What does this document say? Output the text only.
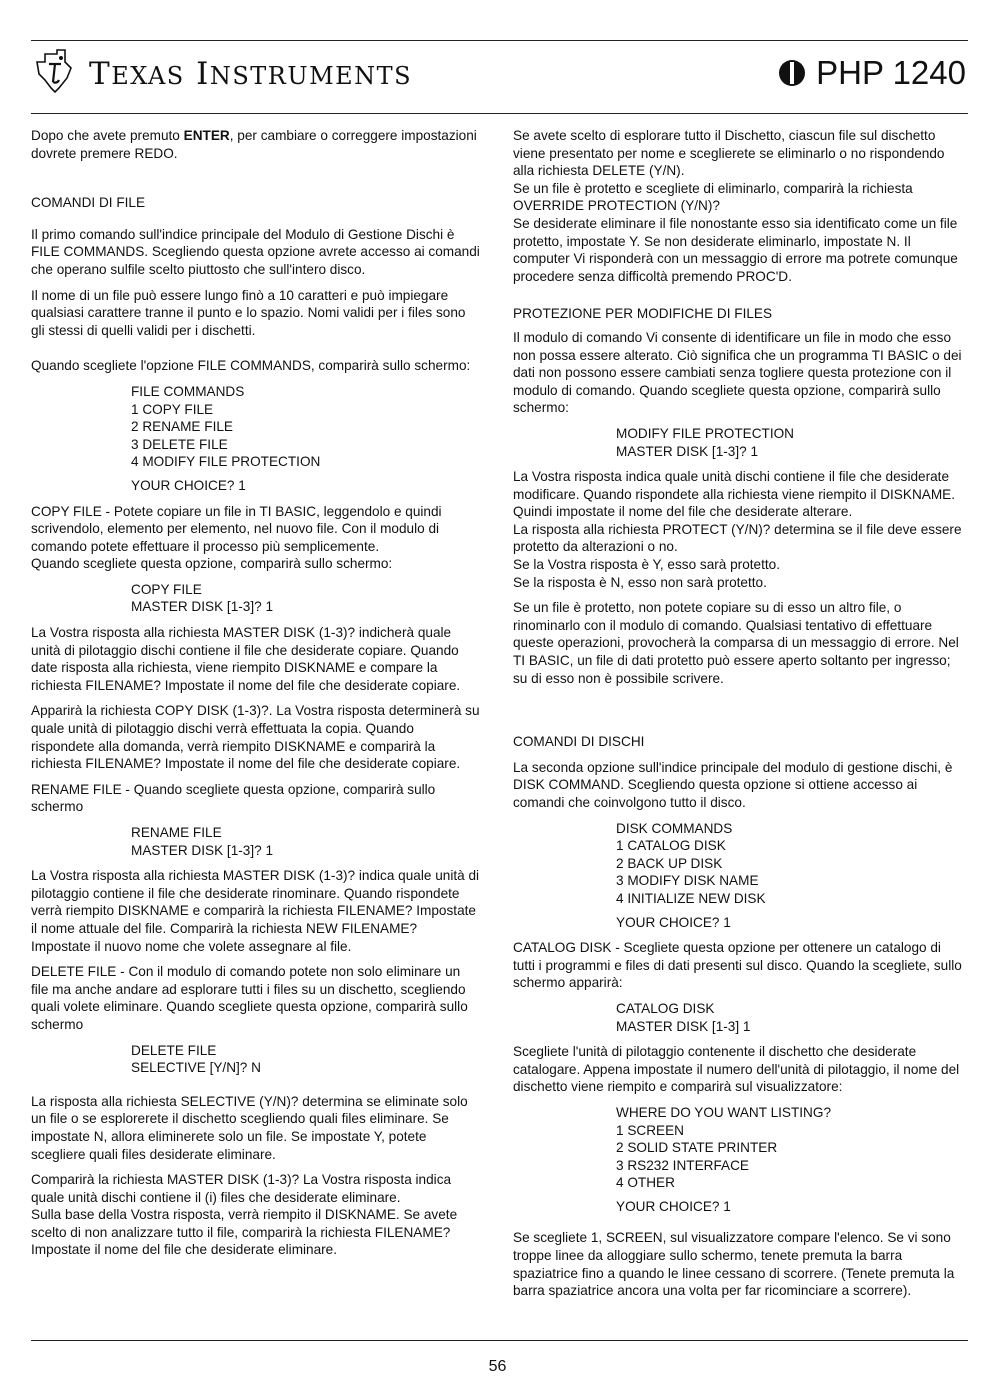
TEXAS INSTRUMENTS	PHP 1240

Dopo che avete premuto ENTER, per cambiare o correggere impostazioni dovrete premere REDO.

COMANDI DI FILE

Il primo comando sull'indice principale del Modulo di Gestione Dischi è FILE COMMANDS. Scegliendo questa opzione avrete accesso ai comandi che operano sulfile scelto piuttosto che sull'intero disco.

Il nome di un file può essere lungo finò a 10 caratteri e può impiegare qualsiasi carattere tranne il punto e lo spazio. Nomi validi per i files sono gli stessi di quelli validi per i dischetti.

Quando scegliete l'opzione FILE COMMANDS, comparirà sullo schermo:

FILE COMMANDS
1 COPY FILE
2 RENAME FILE
3 DELETE FILE
4 MODIFY FILE PROTECTION
YOUR CHOICE? 1
COPY FILE - Potete copiare un file in TI BASIC, leggendolo e quindi scrivendolo, elemento per elemento, nel nuovo file. Con il modulo di comando potete effettuare il processo più semplicemente.
Quando scegliete questa opzione, comparirà sullo schermo:
COPY FILE
MASTER DISK [1-3]? 1

La Vostra risposta alla richiesta MASTER DISK (1-3)? indicherà quale unità di pilotaggio dischi contiene il file che desiderate copiare. Quando date risposta alla richiesta, viene riempito DISKNAME e compare la richiesta FILENAME? Impostate il nome del file che desiderate copiare.

Apparirà la richiesta COPY DISK (1-3)?. La Vostra risposta determinerà su quale unità di pilotaggio dischi verrà effettuata la copia. Quando rispondete alla domanda, verrà riempito DISKNAME e comparirà la richiesta FILENAME? Impostate il nome del file che desiderate copiare.

RENAME FILE - Quando scegliete questa opzione, comparirà sullo schermo

RENAME FILE
MASTER DISK [1-3]? 1

La Vostra risposta alla richiesta MASTER DISK (1-3)? indica quale unità di pilotaggio contiene il file che desiderate rinominare. Quando rispondete verrà riempito DISKNAME e comparirà la richiesta FILENAME? Impostate il nome attuale del file. Comparirà la richiesta NEW FILENAME? Impostate il nuovo nome che volete assegnare al file.

DELETE FILE - Con il modulo di comando potete non solo eliminare un file ma anche andare ad esplorare tutti i files su un dischetto, scegliendo quali volete eliminare. Quando scegliete questa opzione, comparirà sullo schermo

DELETE FILE
SELECTIVE [Y/N]? N

La risposta alla richiesta SELECTIVE (Y/N)? determina se eliminate solo un file o se esplorerete il dischetto scegliendo quali files eliminare. Se impostate N, allora eliminerete solo un file. Se impostate Y, potete scegliere quali files desiderate eliminare.

Comparirà la richiesta MASTER DISK (1-3)? La Vostra risposta indica quale unità dischi contiene il (i) files che desiderate eliminare.
Sulla base della Vostra risposta, verrà riempito il DISKNAME. Se avete scelto di non analizzare tutto il file, comparirà la richiesta FILENAME? Impostate il nome del file che desiderate eliminare.
Se avete scelto di esplorare tutto il Dischetto, ciascun file sul dischetto viene presentato per nome e sceglierete se eliminarlo o no rispondendo alla richiesta DELETE (Y/N).
Se un file è protetto e scegliete di eliminarlo, comparirà la richiesta OVERRIDE PROTECTION (Y/N)?
Se desiderate eliminare il file nonostante esso sia identificato come un file protetto, impostate Y. Se non desiderate eliminarlo, impostate N. Il computer Vi risponderà con un messaggio di errore ma potrete comunque procedere senza difficoltà premendo PROC'D.

PROTEZIONE PER MODIFICHE DI FILES

Il modulo di comando Vi consente di identificare un file in modo che esso non possa essere alterato. Ciò significa che un programma TI BASIC o dei dati non possono essere cambiati senza togliere questa protezione con il modulo di comando. Quando scegliete questa opzione, comparirà sullo schermo:

MODIFY FILE PROTECTION
MASTER DISK [1-3]? 1
La Vostra risposta indica quale unità dischi contiene il file che desiderate modificare. Quando rispondete alla richiesta viene riempito il DISKNAME. Quindi impostate il nome del file che desiderate alterare.
La risposta alla richiesta PROTECT (Y/N)? determina se il file deve essere protetto da alterazioni o no.
Se la Vostra risposta è Y, esso sarà protetto.
Se la risposta è N, esso non sarà protetto.

Se un file è protetto, non potete copiare su di esso un altro file, o rinominarlo con il modulo di comando. Qualsiasi tentativo di effettuare queste operazioni, provocherà la comparsa di un messaggio di errore. Nel TI BASIC, un file di dati protetto può essere aperto soltanto per ingresso; su di esso non è possibile scrivere.

COMANDI DI DISCHI

La seconda opzione sull'indice principale del modulo di gestione dischi, è DISK COMMAND. Scegliendo questa opzione si ottiene accesso ai comandi che coinvolgono tutto il disco.

DISK COMMANDS
1 CATALOG DISK
2 BACK UP DISK
3 MODIFY DISK NAME
4 INITIALIZE NEW DISK
YOUR CHOICE? 1

CATALOG DISK - Scegliete questa opzione per ottenere un catalogo di tutti i programmi e files di dati presenti sul disco. Quando la scegliete, sullo schermo apparirà:

CATALOG DISK
MASTER DISK [1-3] 1

Scegliete l'unità di pilotaggio contenente il dischetto che desiderate catalogare. Appena impostate il numero dell'unità di pilotaggio, il nome del dischetto viene riempito e comparirà sul visualizzatore:

WHERE DO YOU WANT LISTING?
1 SCREEN
2 SOLID STATE PRINTER
3 RS232 INTERFACE
4 OTHER
YOUR CHOICE? 1

Se scegliete 1, SCREEN, sul visualizzatore compare l'elenco. Se vi sono troppe linee da alloggiare sullo schermo, tenete premuta la barra spaziatrice fino a quando le linee cessano di scorrere. (Tenete premuta la barra spaziatrice ancora una volta per far ricominciare a scorrere).

56
